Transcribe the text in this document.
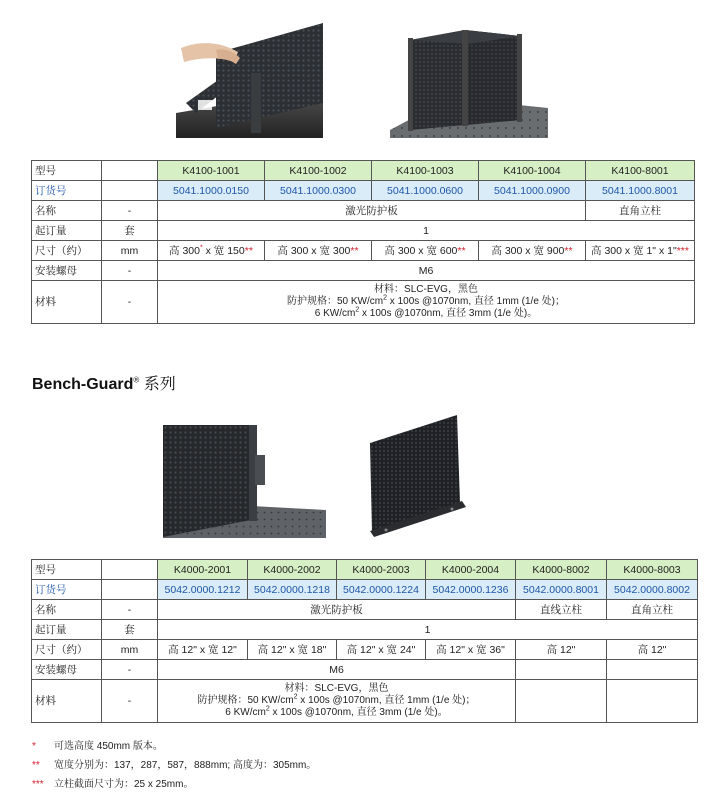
型号		K4100-1001	K4100-1002	K4100-1003	K4100-1004	K4100-8001
订货号		5041.1000.0150	5041.1000.0300	5041.1000.0600	5041.1000.0900	5041.1000.8001
名称	-	激光防护板				直角立柱
起订量	套	1				
尺寸（约）	mm	高 300* x 宽 150**	高 300 x 宽 300**	高 300 x 宽 600**	高 300 x 宽 900**	高 300 x 宽 1" x 1"***
安装螺母	-	M6				
材料	-	材料：SLC-EVG，黑色
防护规格：50 $KW/cm^2$ x 100s @1070nm, 直径 1mm (1/e 处)；
6 $KW/cm^2$ x 100s @1070nm, 直径 3mm (1/e 处)。				
Bench-Guard® 系列
型号		K4000-2001	K4000-2002	K4000-2003	K4000-2004	K4000-8002	K4000-8003
订货号		5042.0000.1212	5042.0000.1218	5042.0000.1224	5042.0000.1236	5042.0000.8001	5042.0000.8002
名称	-	激光防护板				直线立柱	直角立柱
起订量	套	1					
尺寸（约）	mm	高 12" x 宽 12"	高 12" x 宽 18"	高 12" x 宽 24"	高 12" x 宽 36"	高 12"	高 12"
安装螺母	-	M6					
材料	-	材料：SLC-EVG，黑色
防护规格：50 $KW/cm^2$ x 100s @1070nm, 直径 1mm (1/e 处)；
6 $KW/cm^2$ x 100s @1070nm, 直径 3mm (1/e 处)。					

* 可选高度 450mm 版本。
** 宽度分别为：137，287，587，888mm; 高度为：305mm。
*** 立柱截面尺寸为：25 x 25mm。
